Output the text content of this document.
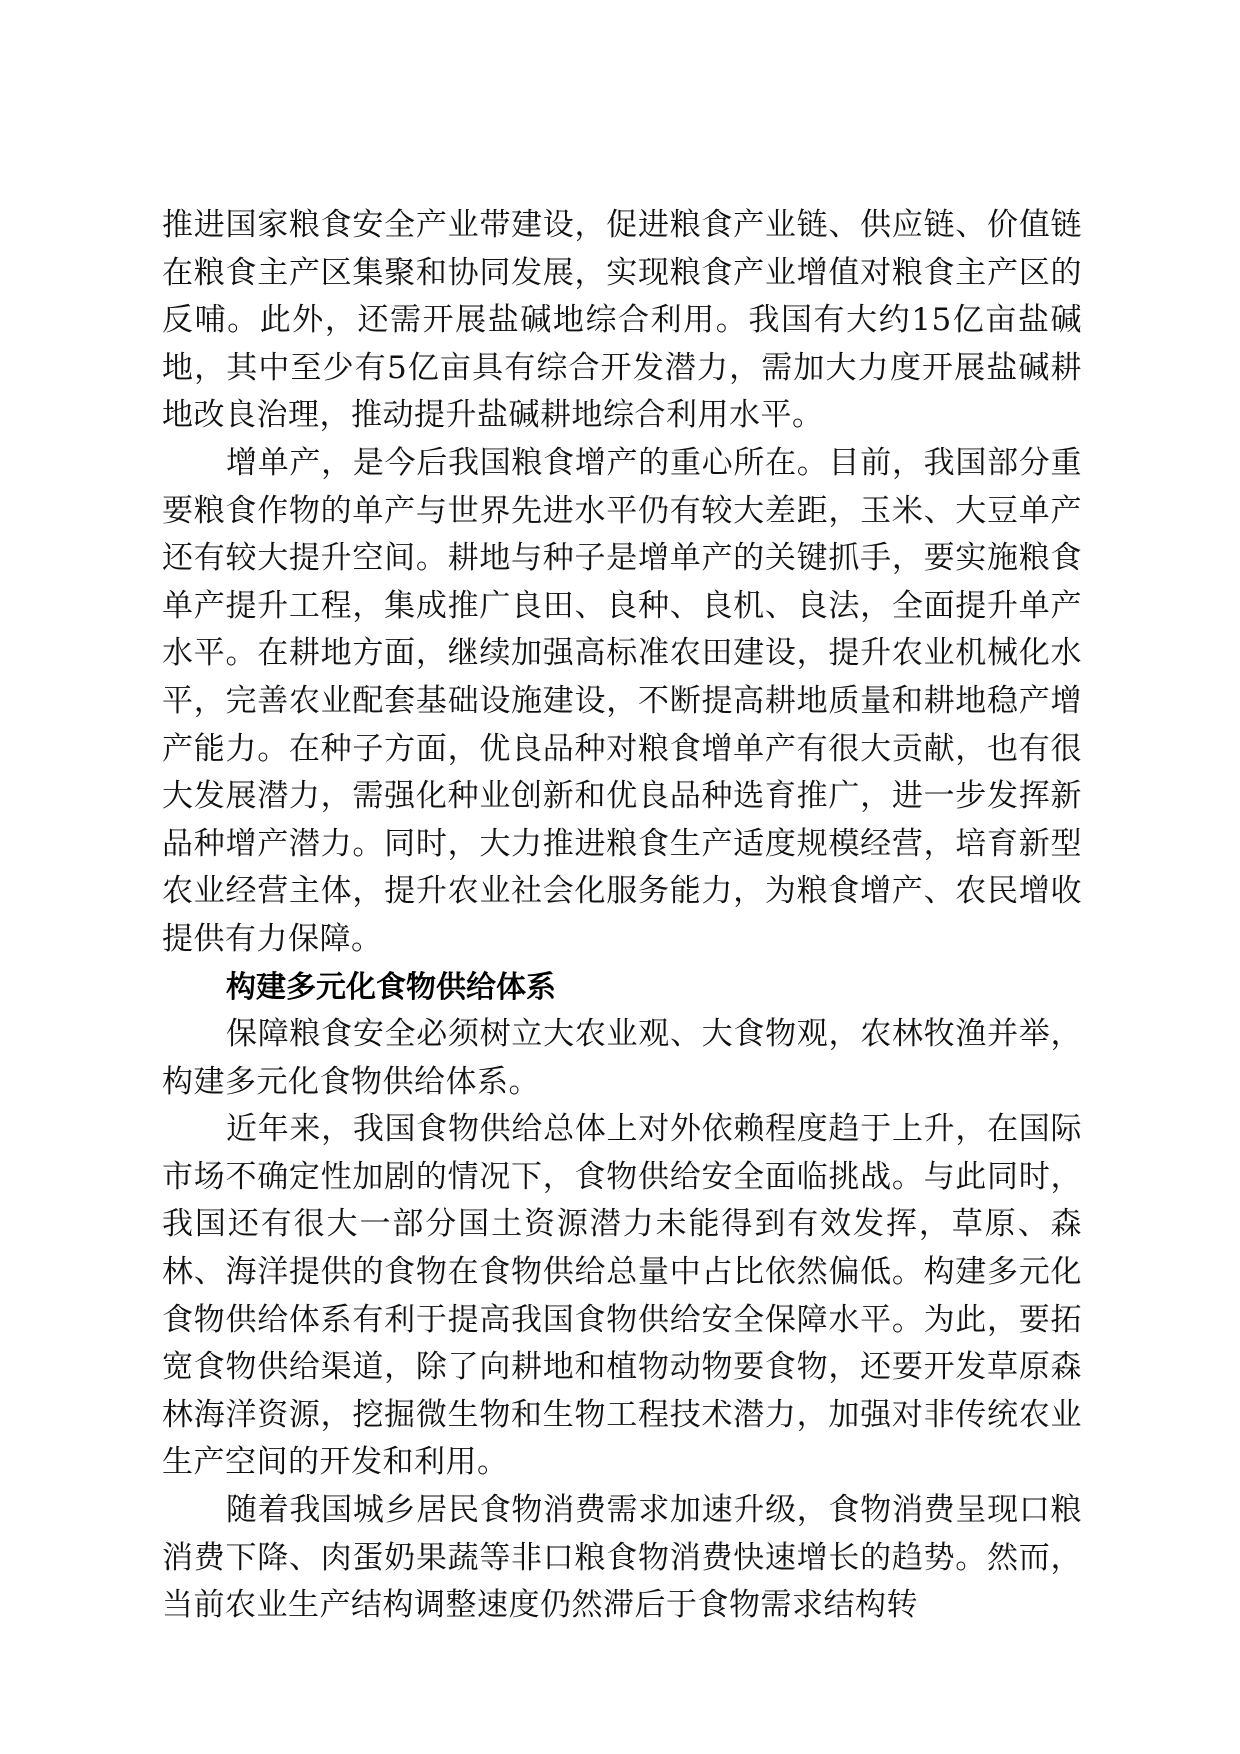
推进国家粮食安全产业带建设，促进粮食产业链、供应链、价值链在粮食主产区集聚和协同发展，实现粮食产业增值对粮食主产区的反哺。此外，还需开展盐碱地综合利用。我国有大约15亿亩盐碱地，其中至少有5亿亩具有综合开发潜力，需加大力度开展盐碱耕地改良治理，推动提升盐碱耕地综合利用水平。

增单产，是今后我国粮食增产的重心所在。目前，我国部分重要粮食作物的单产与世界先进水平仍有较大差距，玉米、大豆单产还有较大提升空间。耕地与种子是增单产的关键抓手，要实施粮食单产提升工程，集成推广良田、良种、良机、良法，全面提升单产水平。在耕地方面，继续加强高标准农田建设，提升农业机械化水平，完善农业配套基础设施建设，不断提高耕地质量和耕地稳产增产能力。在种子方面，优良品种对粮食增单产有很大贡献，也有很大发展潜力，需强化种业创新和优良品种选育推广，进一步发挥新品种增产潜力。同时，大力推进粮食生产适度规模经营，培育新型农业经营主体，提升农业社会化服务能力，为粮食增产、农民增收提供有力保障。

构建多元化食物供给体系

保障粮食安全必须树立大农业观、大食物观，农林牧渔并举，构建多元化食物供给体系。

近年来，我国食物供给总体上对外依赖程度趋于上升，在国际市场不确定性加剧的情况下，食物供给安全面临挑战。与此同时，我国还有很大一部分国土资源潜力未能得到有效发挥，草原、森林、海洋提供的食物在食物供给总量中占比依然偏低。构建多元化食物供给体系有利于提高我国食物供给安全保障水平。为此，要拓宽食物供给渠道，除了向耕地和植物动物要食物，还要开发草原森林海洋资源，挖掘微生物和生物工程技术潜力，加强对非传统农业生产空间的开发和利用。

随着我国城乡居民食物消费需求加速升级，食物消费呈现口粮消费下降、肉蛋奶果蔬等非口粮食物消费快速增长的趋势。然而，当前农业生产结构调整速度仍然滞后于食物需求结构转
